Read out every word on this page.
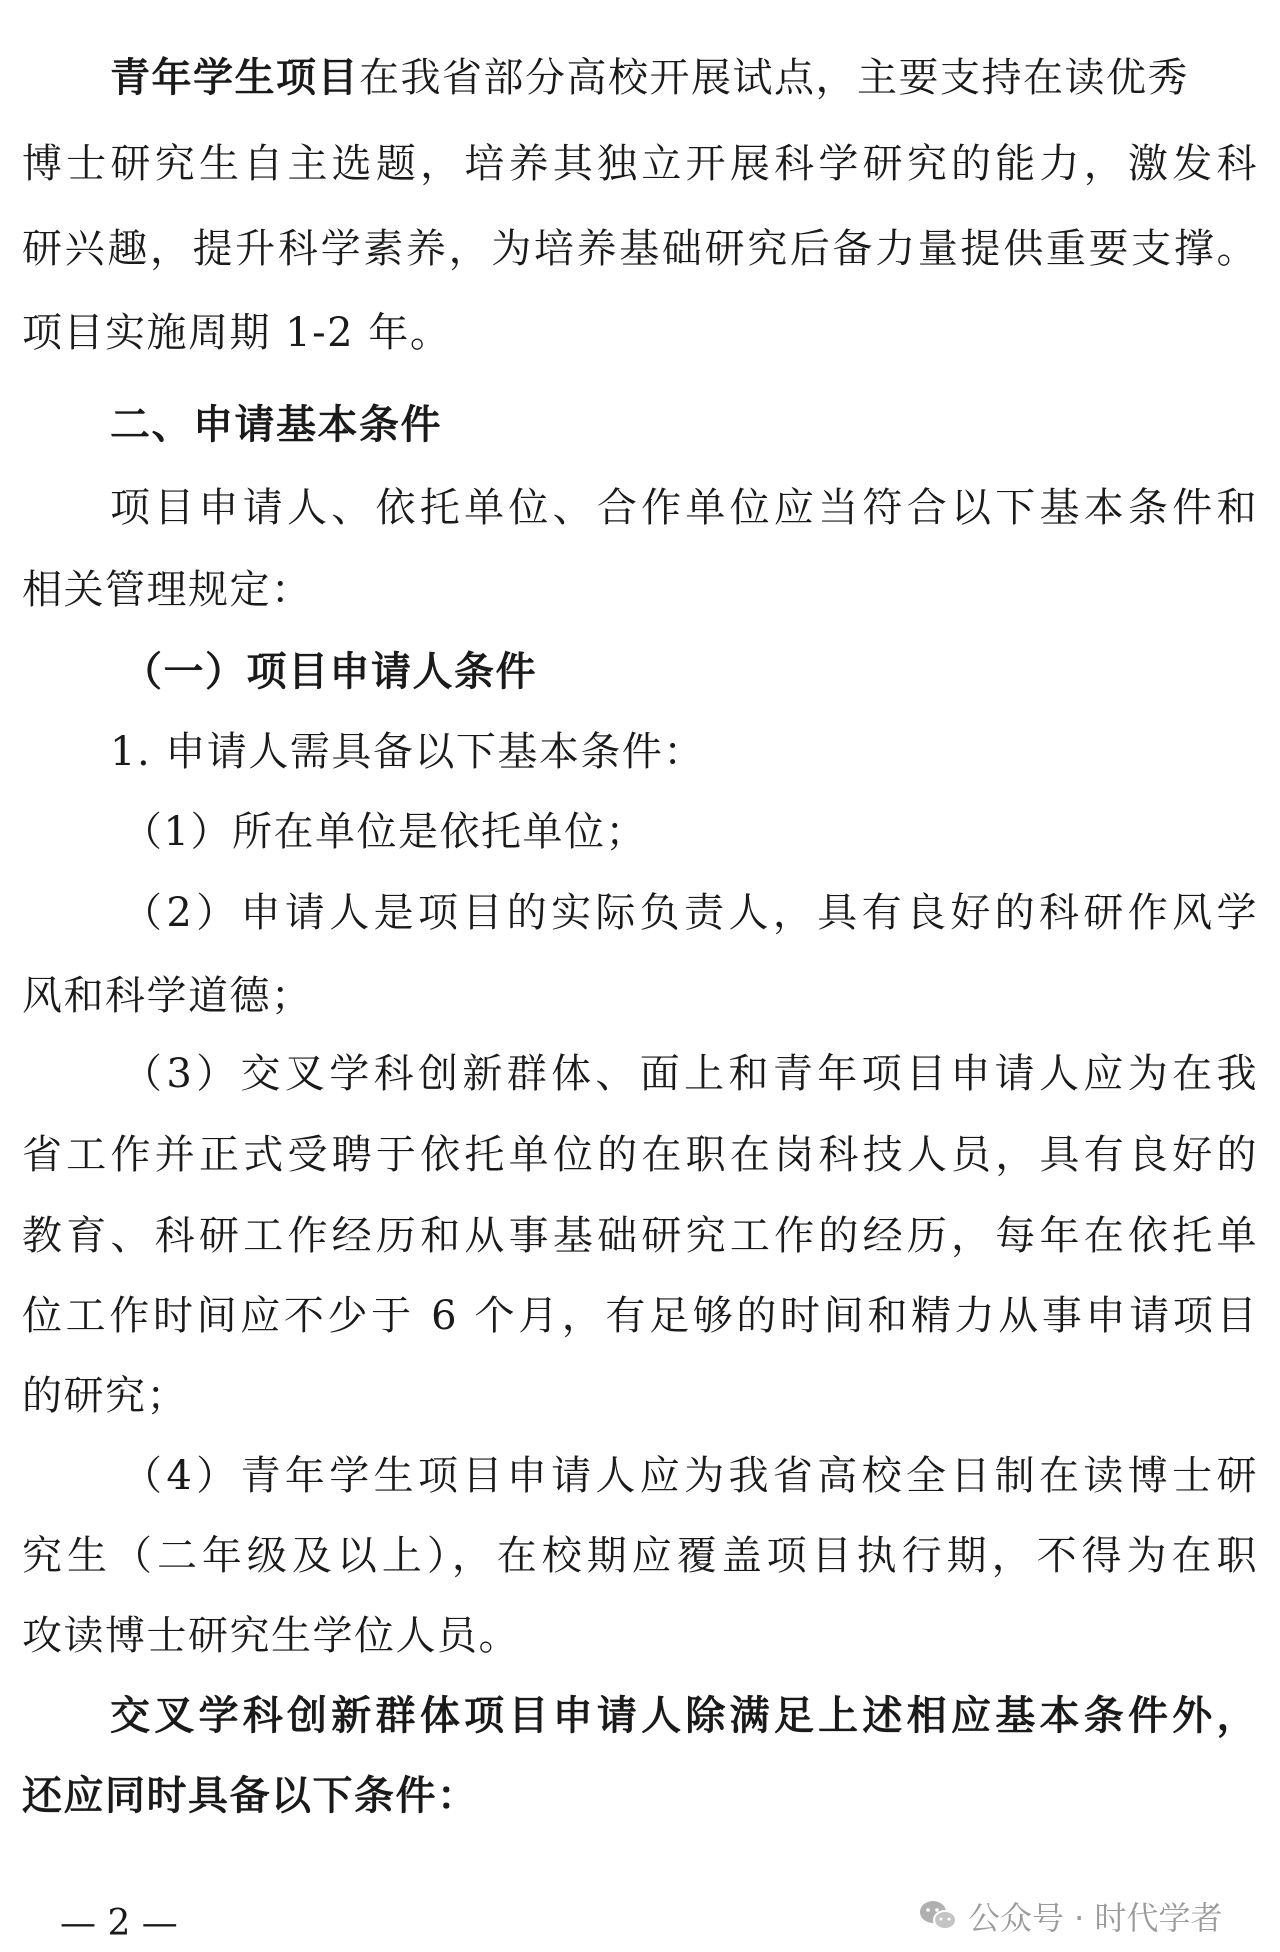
青年学生项目在我省部分高校开展试点，主要支持在读优秀
博士研究生自主选题，培养其独立开展科学研究的能力，激发科
研兴趣，提升科学素养，为培养基础研究后备力量提供重要支撑。
项目实施周期 1-2 年。
二、申请基本条件
项目申请人、依托单位、合作单位应当符合以下基本条件和
相关管理规定：
（一）项目申请人条件
1. 申请人需具备以下基本条件：
（1）所在单位是依托单位；
（2）申请人是项目的实际负责人，具有良好的科研作风学
风和科学道德；
（3）交叉学科创新群体、面上和青年项目申请人应为在我
省工作并正式受聘于依托单位的在职在岗科技人员，具有良好的
教育、科研工作经历和从事基础研究工作的经历，每年在依托单
位工作时间应不少于 6 个月，有足够的时间和精力从事申请项目
的研究；
（4）青年学生项目申请人应为我省高校全日制在读博士研
究生（二年级及以上），在校期应覆盖项目执行期，不得为在职
攻读博士研究生学位人员。
交叉学科创新群体项目申请人除满足上述相应基本条件外，
还应同时具备以下条件：
公众号 · 时代学者
— 2 —
